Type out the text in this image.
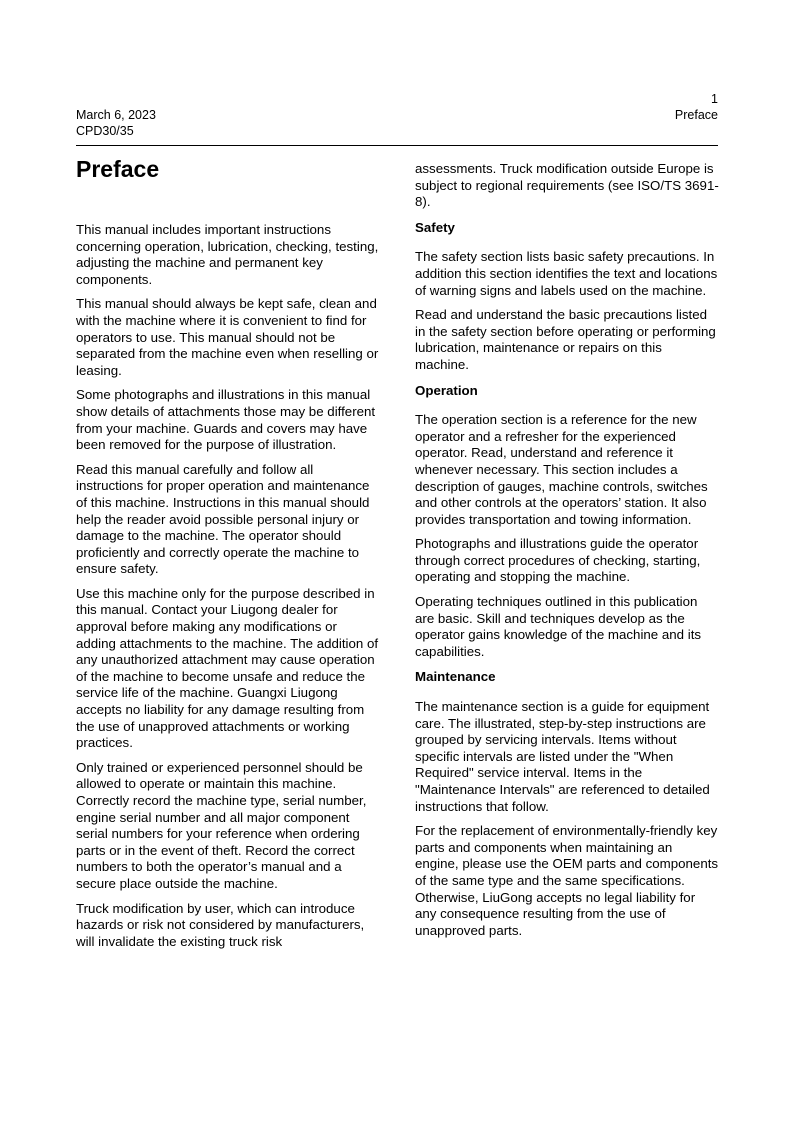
March 6, 2023
CPD30/35
1
Preface
Preface

This manual includes important instructions concerning operation, lubrication, checking, testing, adjusting the machine and permanent key components.

This manual should always be kept safe, clean and with the machine where it is convenient to find for operators to use. This manual should not be separated from the machine even when reselling or leasing.

Some photographs and illustrations in this manual show details of attachments those may be different from your machine. Guards and covers may have been removed for the purpose of illustration.

Read this manual carefully and follow all instructions for proper operation and maintenance of this machine. Instructions in this manual should help the reader avoid possible personal injury or damage to the machine. The operator should proficiently and correctly operate the machine to ensure safety.

Use this machine only for the purpose described in this manual. Contact your Liugong dealer for approval before making any modifications or adding attachments to the machine. The addition of any unauthorized attachment may cause operation of the machine to become unsafe and reduce the service life of the machine. Guangxi Liugong accepts no liability for any damage resulting from the use of unapproved attachments or working practices.

Only trained or experienced personnel should be allowed to operate or maintain this machine. Correctly record the machine type, serial number, engine serial number and all major component serial numbers for your reference when ordering parts or in the event of theft. Record the correct numbers to both the operator’s manual and a secure place outside the machine.

Truck modification by user, which can introduce hazards or risk not considered by manufacturers, will invalidate the existing truck risk

assessments. Truck modification outside Europe is subject to regional requirements (see ISO/TS 3691-8).

Safety

The safety section lists basic safety precautions. In addition this section identifies the text and locations of warning signs and labels used on the machine.

Read and understand the basic precautions listed in the safety section before operating or performing lubrication, maintenance or repairs on this machine.

Operation

The operation section is a reference for the new operator and a refresher for the experienced operator. Read, understand and reference it whenever necessary. This section includes a description of gauges, machine controls, switches and other controls at the operators’ station. It also provides transportation and towing information.

Photographs and illustrations guide the operator through correct procedures of checking, starting, operating and stopping the machine.

Operating techniques outlined in this publication are basic. Skill and techniques develop as the operator gains knowledge of the machine and its capabilities.

Maintenance

The maintenance section is a guide for equipment care. The illustrated, step-by-step instructions are grouped by servicing intervals. Items without specific intervals are listed under the "When Required" service interval. Items in the "Maintenance Intervals" are referenced to detailed instructions that follow.

For the replacement of environmentally-friendly key parts and components when maintaining an engine, please use the OEM parts and components of the same type and the same specifications. Otherwise, LiuGong accepts no legal liability for any consequence resulting from the use of unapproved parts.
